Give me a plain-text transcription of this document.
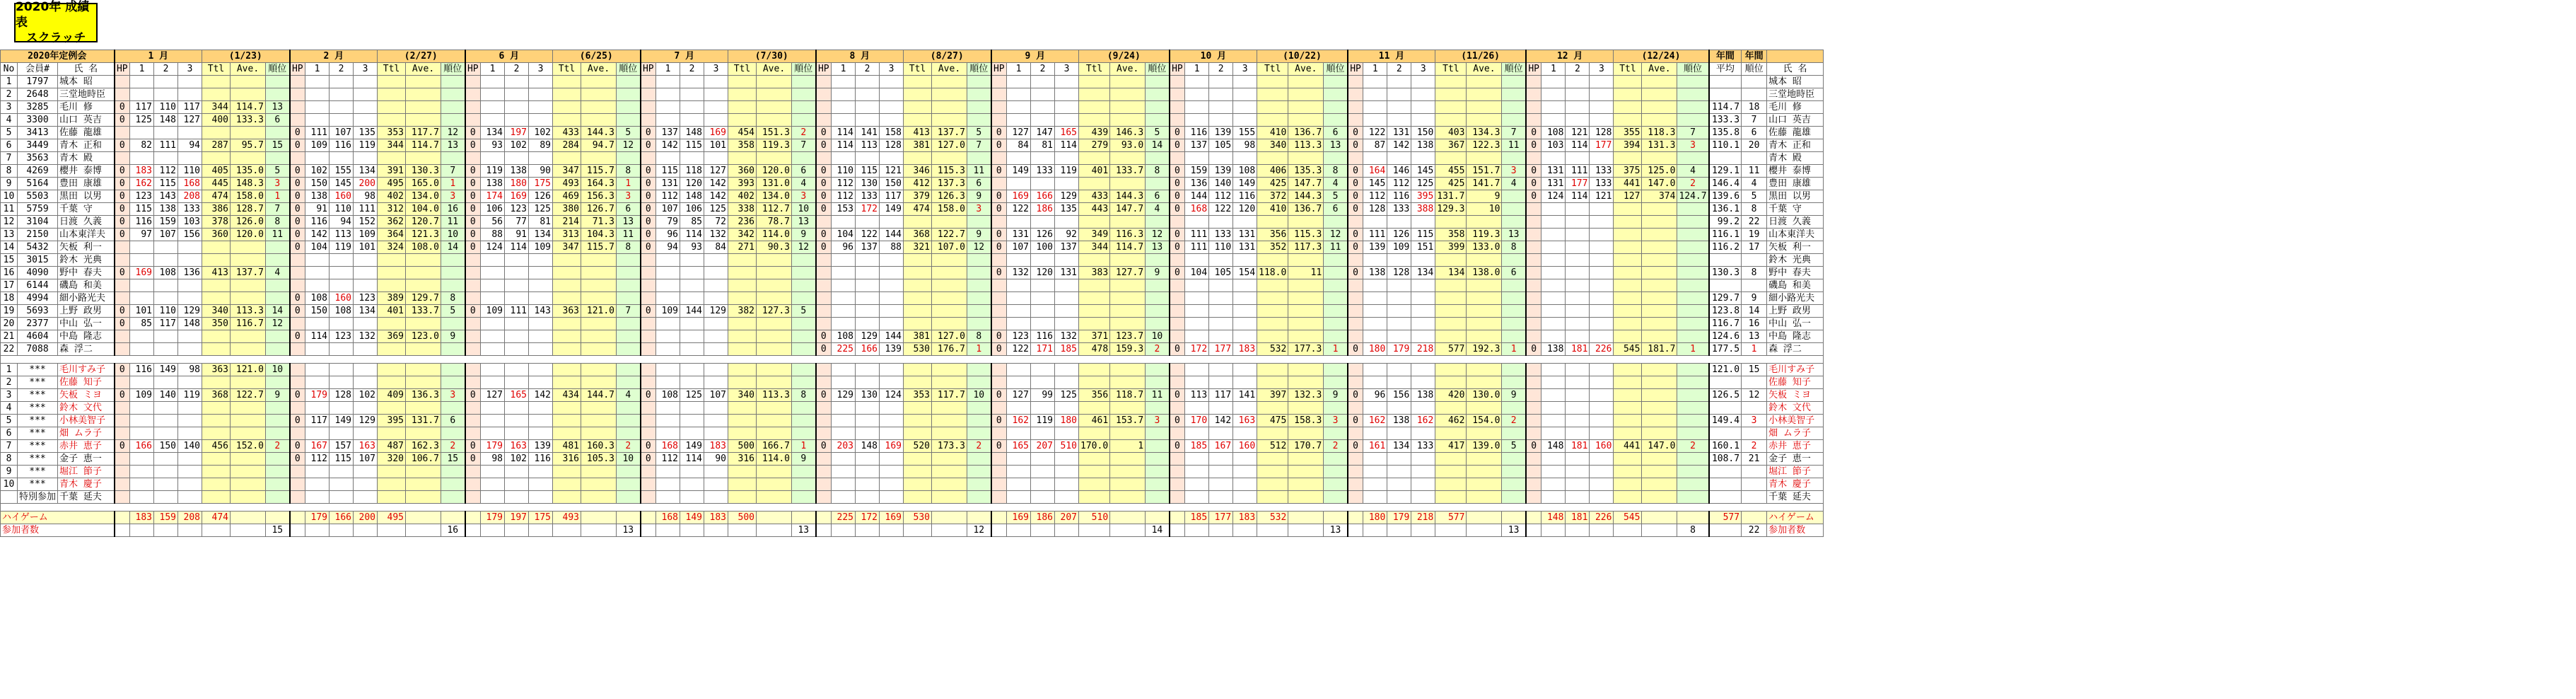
2020年 成績表
スクラッチ
2020年定例会	1 月	(1/23)	2 月	(2/27)	6 月	(6/25)	7 月	(7/30)	8 月	(8/27)	9 月	(9/24)	10 月	(10/22)	11 月	(11/26)	12 月	(12/24)	年間	年間	
No	会員#	氏 名	HP	1	2	3	Ttl	Ave.	順位	HP	1	2	3	Ttl	Ave.	順位	HP	1	2	3	Ttl	Ave.	順位	HP	1	2	3	Ttl	Ave.	順位	HP	1	2	3	Ttl	Ave.	順位	HP	1	2	3	Ttl	Ave.	順位	HP	1	2	3	Ttl	Ave.	順位	HP	1	2	3	Ttl	Ave.	順位	HP	1	2	3	Ttl	Ave.	順位	平均	順位	氏 名
1	1797	城本 昭																																																																		城本 昭
2	2648	三堂地時臣																																																																		三堂地時臣
3	3285	毛川 修	0	117	110	117	344	114.7	13																																																									114.7	18	毛川 修
4	3300	山口 英吉	0	125	148	127	400	133.3	6																																																									133.3	7	山口 英吉
5	3413	佐藤 龍雄								0	111	107	135	353	117.7	12	0	134	197	102	433	144.3	5	0	137	148	169	454	151.3	2	0	114	141	158	413	137.7	5	0	127	147	165	439	146.3	5	0	116	139	155	410	136.7	6	0	122	131	150	403	134.3	7	0	108	121	128	355	118.3	7	135.8	6	佐藤 龍雄
6	3449	青木 正和	0	82	111	94	287	95.7	15	0	109	116	119	344	114.7	13	0	93	102	89	284	94.7	12	0	142	115	101	358	119.3	7	0	114	113	128	381	127.0	7	0	84	81	114	279	93.0	14	0	137	105	98	340	113.3	13	0	87	142	138	367	122.3	11	0	103	114	177	394	131.3	3	110.1	20	青木 正和
7	3563	青木 殿																																																																		青木 殿
8	4269	櫻井 泰博	0	183	112	110	405	135.0	5	0	102	155	134	391	130.3	7	0	119	138	90	347	115.7	8	0	115	118	127	360	120.0	6	0	110	115	121	346	115.3	11	0	149	133	119	401	133.7	8	0	159	139	108	406	135.3	8	0	164	146	145	455	151.7	3	0	131	111	133	375	125.0	4	129.1	11	櫻井 泰博
9	5164	豊田 康雄	0	162	115	168	445	148.3	3	0	150	145	200	495	165.0	1	0	138	180	175	493	164.3	1	0	131	120	142	393	131.0	4	0	112	130	150	412	137.3	6								0	136	140	149	425	147.7	4	0	145	112	125	425	141.7	4	0	131	177	133	441	147.0	2	146.4	4	豊田 康雄
10	5503	黒田 以男	0	123	143	208	474	158.0	1	0	138	160	98	402	134.0	3	0	174	169	126	469	156.3	3	0	112	148	142	402	134.0	3	0	112	133	117	379	126.3	9	0	169	166	129	433	144.3	6	0	144	112	116	372	144.3	5	0	112	116	395	131.7	9		0	124	114	121	127	374	124.7	139.6	5	黒田 以男
11	5759	千葉 守	0	115	138	133	386	128.7	7	0	91	110	111	312	104.0	16	0	106	123	125	380	126.7	6	0	107	106	125	338	112.7	10	0	153	172	149	474	158.0	3	0	122	186	135	443	147.7	4	0	168	122	120	410	136.7	6	0	128	133	388	129.3	10									136.1	8	千葉 守
12	3104	日渡 久義	0	116	159	103	378	126.0	8	0	116	94	152	362	120.7	11	0	56	77	81	214	71.3	13	0	79	85	72	236	78.7	13																																				99.2	22	日渡 久義
13	2150	山本東洋夫	0	97	107	156	360	120.0	11	0	142	113	109	364	121.3	10	0	88	91	134	313	104.3	11	0	96	114	132	342	114.0	9	0	104	122	144	368	122.7	9	0	131	126	92	349	116.3	12	0	111	133	131	356	115.3	12	0	111	126	115	358	119.3	13								116.1	19	山本東洋夫
14	5432	矢板 利一								0	104	119	101	324	108.0	14	0	124	114	109	347	115.7	8	0	94	93	84	271	90.3	12	0	96	137	88	321	107.0	12	0	107	100	137	344	114.7	13	0	111	110	131	352	117.3	11	0	139	109	151	399	133.0	8								116.2	17	矢板 利一
15	3015	鈴木 光典																																																																		鈴木 光典
16	4090	野中 春夫	0	169	108	136	413	137.7	4																													0	132	120	131	383	127.7	9	0	104	105	154	118.0	11		0	138	128	134	134	138.0	6								130.3	8	野中 春夫
17	6144	磯島 和美																																																																		磯島 和美
18	4994	細小路光夫								0	108	160	123	389	129.7	8																																																		129.7	9	細小路光夫
19	5693	上野 政男	0	101	110	129	340	113.3	14	0	150	108	134	401	133.7	5	0	109	111	143	363	121.0	7	0	109	144	129	382	127.3	5																																				123.8	14	上野 政男
20	2377	中山 弘一	0	85	117	148	350	116.7	12																																																									116.7	16	中山 弘一
21	4604	中島 隆志								0	114	123	132	369	123.0	9															0	108	129	144	381	127.0	8	0	123	116	132	371	123.7	10																						124.6	13	中島 隆志
22	7088	森 浮二																													0	225	166	139	530	176.7	1	0	122	171	185	478	159.3	2	0	172	177	183	532	177.3	1	0	180	179	218	577	192.3	1	0	138	181	226	545	181.7	1	177.5	1	森 浮二

1	***	毛川すみ子	0	116	149	98	363	121.0	10																																																									121.0	15	毛川すみ子
2	***	佐藤 知子																																																																		佐藤 知子
3	***	矢板 ミヨ	0	109	140	119	368	122.7	9	0	179	128	102	409	136.3	3	0	127	165	142	434	144.7	4	0	108	125	107	340	113.3	8	0	129	130	124	353	117.7	10	0	127	99	125	356	118.7	11	0	113	117	141	397	132.3	9	0	96	156	138	420	130.0	9								126.5	12	矢板 ミヨ
4	***	鈴木 文代																																																																		鈴木 文代
5	***	小林美智子								0	117	149	129	395	131.7	6																						0	162	119	180	461	153.7	3	0	170	142	163	475	158.3	3	0	162	138	162	462	154.0	2								149.4	3	小林美智子
6	***	畑 ムラ子																																																																		畑 ムラ子
7	***	赤井 恵子	0	166	150	140	456	152.0	2	0	167	157	163	487	162.3	2	0	179	163	139	481	160.3	2	0	168	149	183	500	166.7	1	0	203	148	169	520	173.3	2	0	165	207	510	170.0	1		0	185	167	160	512	170.7	2	0	161	134	133	417	139.0	5	0	148	181	160	441	147.0	2	160.1	2	赤井 恵子
8	***	金子 恵一								0	112	115	107	320	106.7	15	0	98	102	116	316	105.3	10	0	112	114	90	316	114.0	9																																				108.7	21	金子 恵一
9	***	堀江 節子																																																																		堀江 節子
10	***	青木 慶子																																																																		青木 慶子
	特別参加	千葉 延夫																																																																		千葉 延夫

ハイゲーム		183	159	208	474				179	166	200	495				179	197	175	493				168	149	183	500				225	172	169	530				169	186	207	510				185	177	183	532				180	179	218	577				148	181	226	545			577		ハイゲーム
参加者数							15							16							13							13							12							14							13							13							8		22	参加者数
